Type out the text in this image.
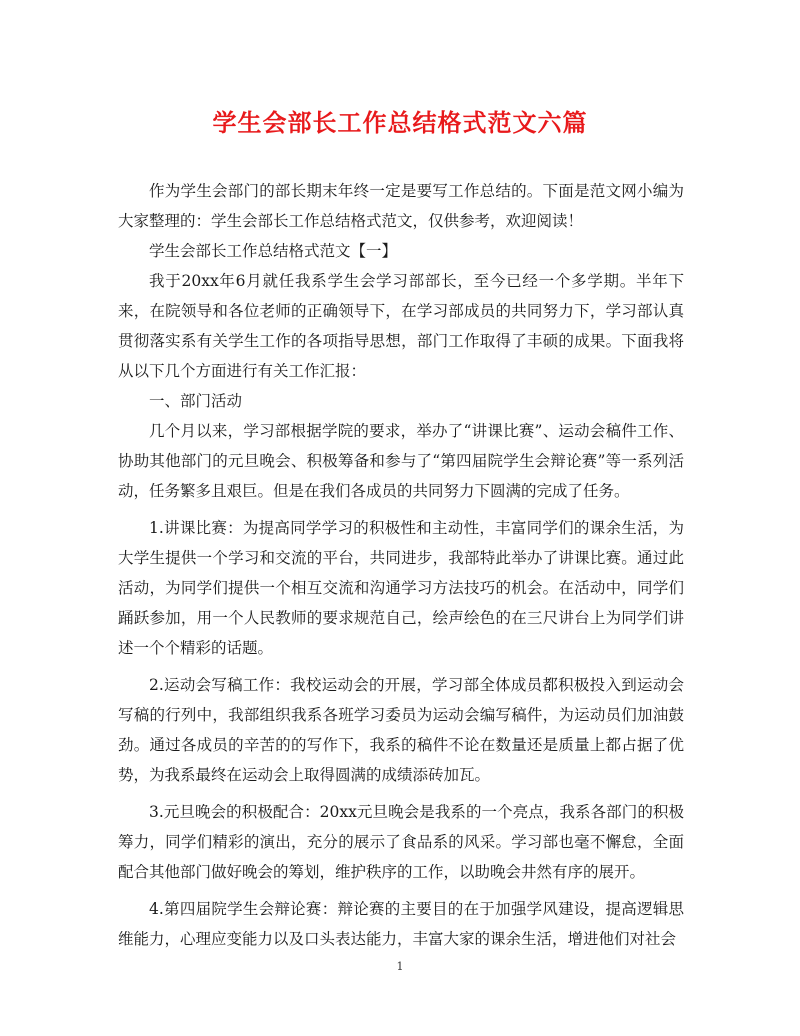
学生会部长工作总结格式范文六篇

作为学生会部门的部长期末年终一定是要写工作总结的。下面是范文网小编为大家整理的：学生会部长工作总结格式范文，仅供参考，欢迎阅读！

学生会部长工作总结格式范文【一】

我于20xx年6月就任我系学生会学习部部长，至今已经一个多学期。半年下来，在院领导和各位老师的正确领导下，在学习部成员的共同努力下，学习部认真贯彻落实系有关学生工作的各项指导思想，部门工作取得了丰硕的成果。下面我将从以下几个方面进行有关工作汇报：

一、部门活动

几个月以来，学习部根据学院的要求，举办了“讲课比赛”、运动会稿件工作、协助其他部门的元旦晚会、积极筹备和参与了“第四届院学生会辩论赛”等一系列活动，任务繁多且艰巨。但是在我们各成员的共同努力下圆满的完成了任务。

1.讲课比赛：为提高同学学习的积极性和主动性，丰富同学们的课余生活，为大学生提供一个学习和交流的平台，共同进步，我部特此举办了讲课比赛。通过此活动，为同学们提供一个相互交流和沟通学习方法技巧的机会。在活动中，同学们踊跃参加，用一个人民教师的要求规范自己，绘声绘色的在三尺讲台上为同学们讲述一个个精彩的话题。

2.运动会写稿工作：我校运动会的开展，学习部全体成员都积极投入到运动会写稿的行列中，我部组织我系各班学习委员为运动会编写稿件，为运动员们加油鼓劲。通过各成员的辛苦的的写作下，我系的稿件不论在数量还是质量上都占据了优势，为我系最终在运动会上取得圆满的成绩添砖加瓦。

3.元旦晚会的积极配合：20xx元旦晚会是我系的一个亮点，我系各部门的积极筹力，同学们精彩的演出，充分的展示了食品系的风采。学习部也毫不懈怠，全面配合其他部门做好晚会的筹划，维护秩序的工作，以助晚会井然有序的展开。

4.第四届院学生会辩论赛：辩论赛的主要目的在于加强学风建设，提高逻辑思维能力，心理应变能力以及口头表达能力，丰富大家的课余生活，增进他们对社会

1
